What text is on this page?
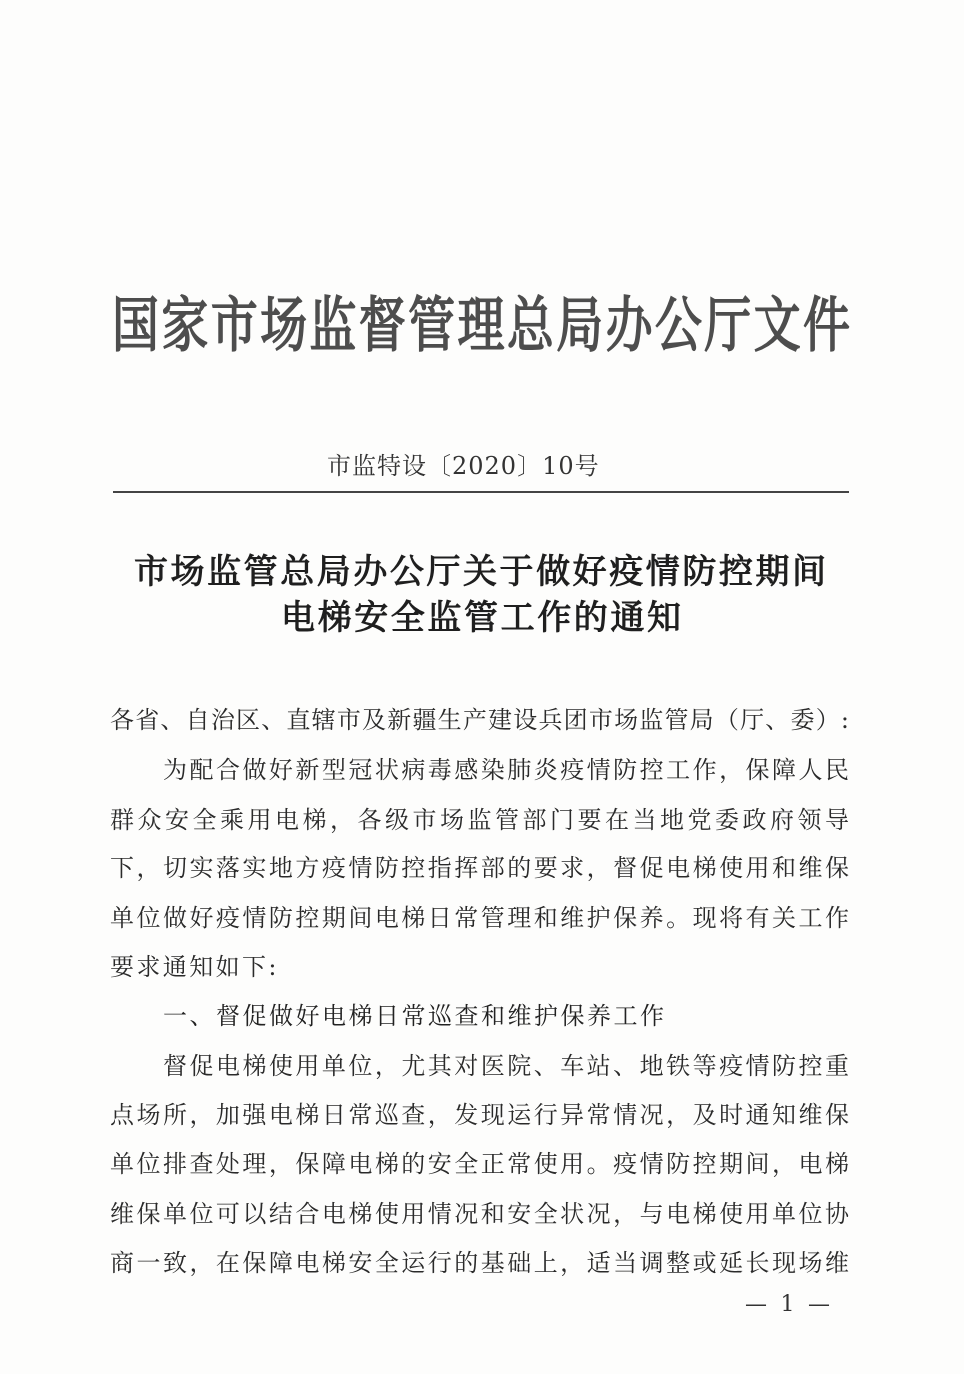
国家市场监督管理总局办公厅文件
市监特设〔2020〕10号
市场监管总局办公厅关于做好疫情防控期间
电梯安全监管工作的通知
各省、自治区、直辖市及新疆生产建设兵团市场监管局（厅、委）:
为配合做好新型冠状病毒感染肺炎疫情防控工作，保障人民
群众安全乘用电梯，各级市场监管部门要在当地党委政府领导
下，切实落实地方疫情防控指挥部的要求，督促电梯使用和维保
单位做好疫情防控期间电梯日常管理和维护保养。现将有关工作
要求通知如下:
一、督促做好电梯日常巡查和维护保养工作
督促电梯使用单位，尤其对医院、车站、地铁等疫情防控重
点场所，加强电梯日常巡查，发现运行异常情况，及时通知维保
单位排查处理，保障电梯的安全正常使用。疫情防控期间，电梯
维保单位可以结合电梯使用情况和安全状况，与电梯使用单位协
商一致，在保障电梯安全运行的基础上，适当调整或延长现场维
— 1 —
